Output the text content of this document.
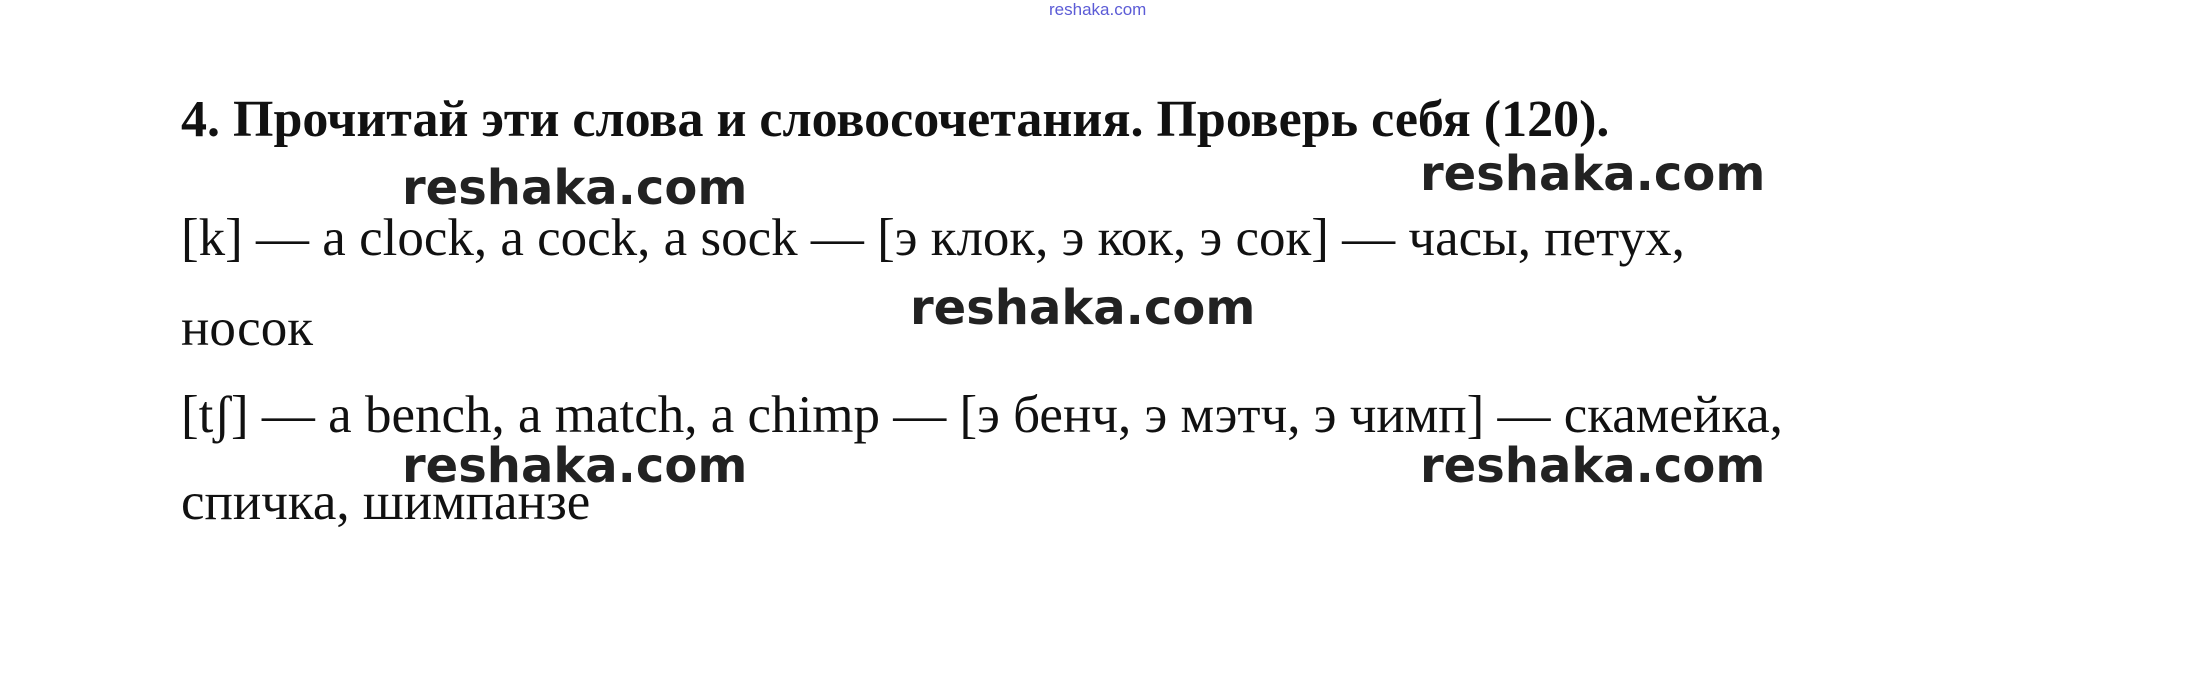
reshaka.com
4. Прочитай эти слова и словосочетания. Проверь себя (120).
[k] — a clock, a cock, a sock — [э клок, э кок, э сок] — часы, петух,
носок
[tʃ] — a bench, a match, a chimp — [э бенч, э мэтч, э чимп] — скамейка,
спичка, шимпанзе
reshaka.com	reshaka.com
reshaka.com
reshaka.com	reshaka.com
